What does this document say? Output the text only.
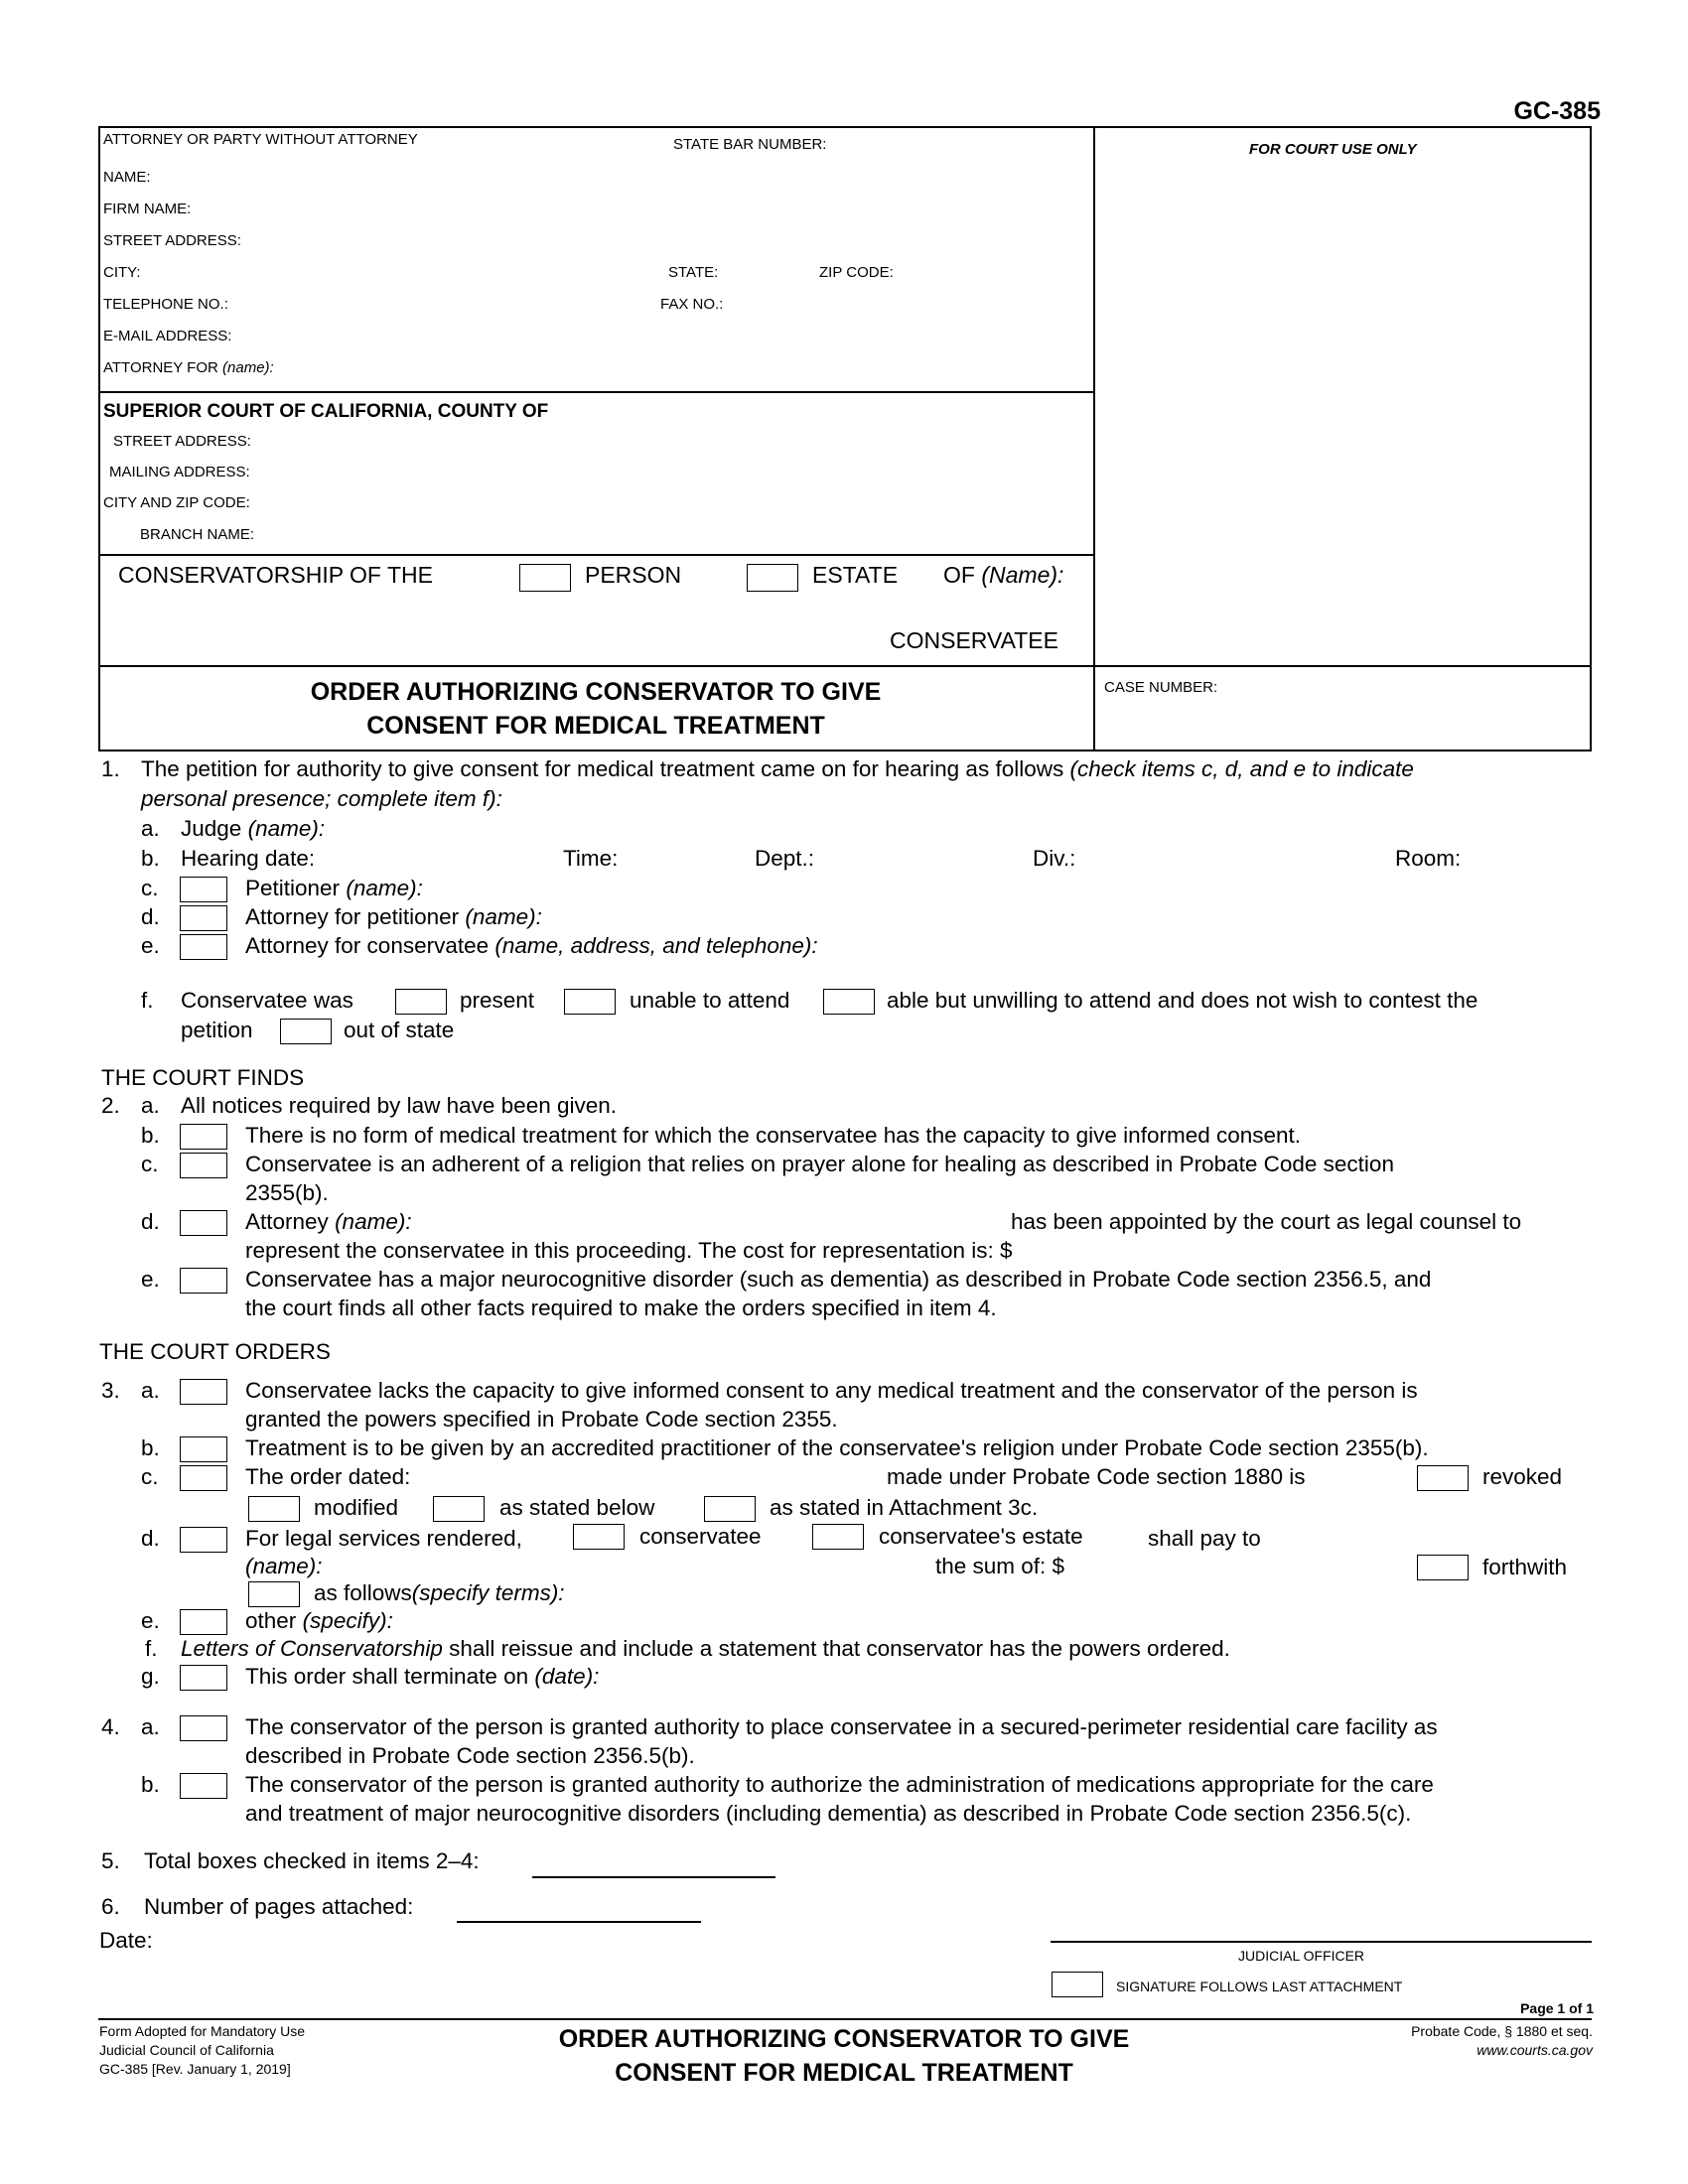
GC-385
ATTORNEY OR PARTY WITHOUT ATTORNEY	STATE BAR NUMBER:
NAME:
FIRM NAME:
STREET ADDRESS:
CITY:	STATE:	ZIP CODE:
TELEPHONE NO.:	FAX NO.:
E-MAIL ADDRESS:
ATTORNEY FOR (name):
FOR COURT USE ONLY
SUPERIOR COURT OF CALIFORNIA, COUNTY OF
STREET ADDRESS:
MAILING ADDRESS:
CITY AND ZIP CODE:
BRANCH NAME:
CONSERVATORSHIP OF THE	PERSON	ESTATE OF (Name):
CONSERVATEE
ORDER AUTHORIZING CONSERVATOR TO GIVE
CONSENT FOR MEDICAL TREATMENT
CASE NUMBER:
1. The petition for authority to give consent for medical treatment came on for hearing as follows (check items c, d, and e to indicate
personal presence; complete item f):
a. Judge (name):
b. Hearing date:	Time:	Dept.:	Div.:	Room:
c.	Petitioner (name):
d.	Attorney for petitioner (name):
e.	Attorney for conservatee (name, address, and telephone):
f. Conservatee was	present	unable to attend	able but unwilling to attend and does not wish to contest the
petition	out of state
THE COURT FINDS
2. a. All notices required by law have been given.
b.	There is no form of medical treatment for which the conservatee has the capacity to give informed consent.
c.	Conservatee is an adherent of a religion that relies on prayer alone for healing as described in Probate Code section
2355(b).
d.	Attorney (name):	has been appointed by the court as legal counsel to
represent the conservatee in this proceeding. The cost for representation is: $
e.	Conservatee has a major neurocognitive disorder (such as dementia) as described in Probate Code section 2356.5, and
the court finds all other facts required to make the orders specified in item 4.
THE COURT ORDERS
3. a.	Conservatee lacks the capacity to give informed consent to any medical treatment and the conservator of the person is
granted the powers specified in Probate Code section 2355.
b.	Treatment is to be given by an accredited practitioner of the conservatee's religion under Probate Code section 2355(b).
c.	The order dated:	made under Probate Code section 1880 is	revoked
modified	as stated below	as stated in Attachment 3c.
d.	For legal services rendered,	conservatee	conservatee's estate	shall pay to
(name):	the sum of: $	forthwith
as follows(specify terms):
e.	other (specify):
f. Letters of Conservatorship shall reissue and include a statement that conservator has the powers ordered.
g.	This order shall terminate on (date):
4. a.	The conservator of the person is granted authority to place conservatee in a secured-perimeter residential care facility as
described in Probate Code section 2356.5(b).
b.	The conservator of the person is granted authority to authorize the administration of medications appropriate for the care
and treatment of major neurocognitive disorders (including dementia) as described in Probate Code section 2356.5(c).
5. Total boxes checked in items 2–4:
6. Number of pages attached:
Date:
JUDICIAL OFFICER
SIGNATURE FOLLOWS LAST ATTACHMENT
Page 1 of 1
Form Adopted for Mandatory Use
Judicial Council of California
GC-385 [Rev. January 1, 2019]
ORDER AUTHORIZING CONSERVATOR TO GIVE
CONSENT FOR MEDICAL TREATMENT
Probate Code, § 1880 et seq.
www.courts.ca.gov
